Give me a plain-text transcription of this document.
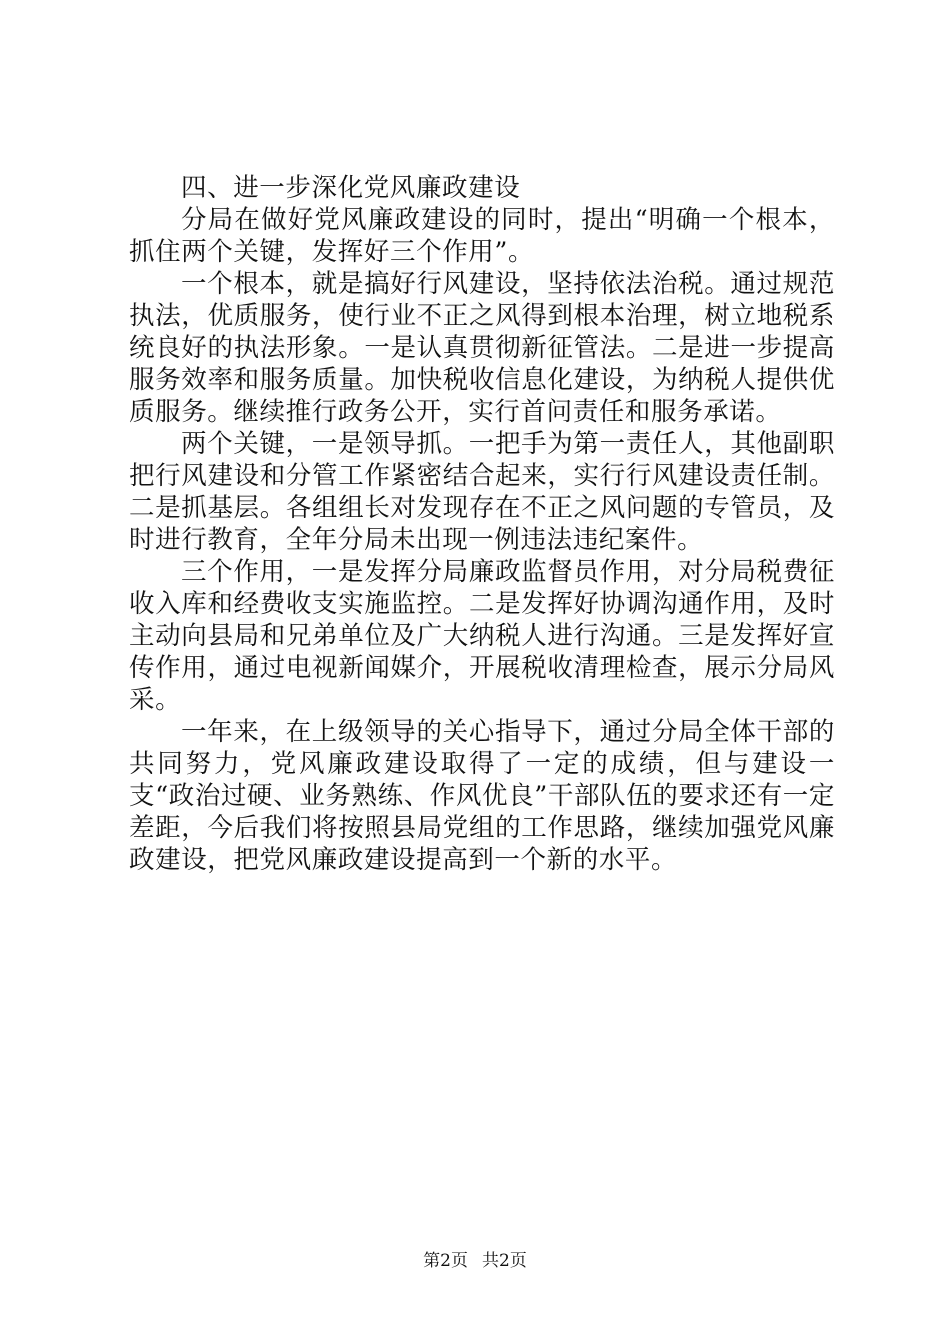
四、进一步深化党风廉政建设

分局在做好党风廉政建设的同时，提出“明确一个根本，抓住两个关键，发挥好三个作用”。

一个根本，就是搞好行风建设，坚持依法治税。通过规范执法，优质服务，使行业不正之风得到根本治理，树立地税系统良好的执法形象。一是认真贯彻新征管法。二是进一步提高服务效率和服务质量。加快税收信息化建设，为纳税人提供优质服务。继续推行政务公开，实行首问责任和服务承诺。

两个关键，一是领导抓。一把手为第一责任人，其他副职把行风建设和分管工作紧密结合起来，实行行风建设责任制。二是抓基层。各组组长对发现存在不正之风问题的专管员，及时进行教育，全年分局未出现一例违法违纪案件。

三个作用，一是发挥分局廉政监督员作用，对分局税费征收入库和经费收支实施监控。二是发挥好协调沟通作用，及时主动向县局和兄弟单位及广大纳税人进行沟通。三是发挥好宣传作用，通过电视新闻媒介，开展税收清理检查，展示分局风采。

一年来，在上级领导的关心指导下，通过分局全体干部的共同努力，党风廉政建设取得了一定的成绩，但与建设一支“政治过硬、业务熟练、作风优良”干部队伍的要求还有一定差距，今后我们将按照县局党组的工作思路，继续加强党风廉政建设，把党风廉政建设提高到一个新的水平。

第2页 共2页
